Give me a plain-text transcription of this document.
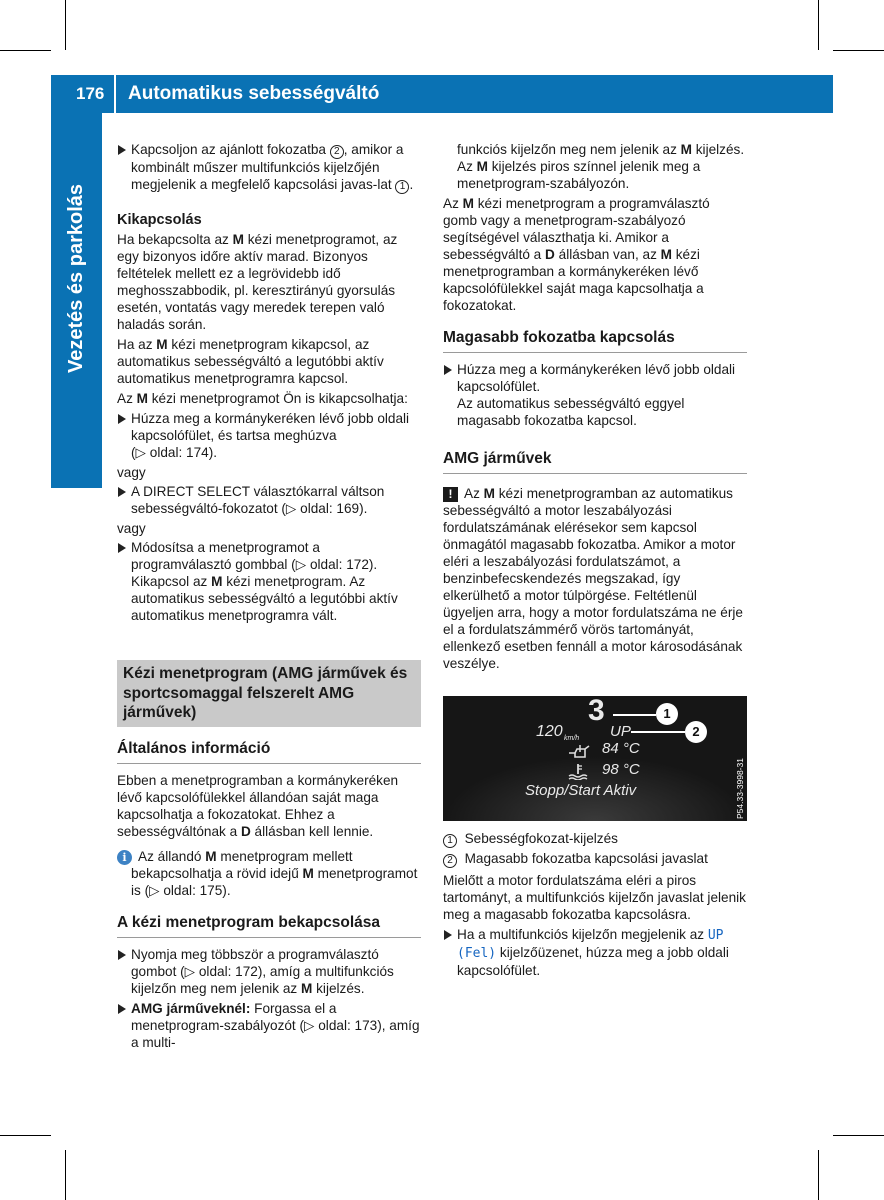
176 Automatikus sebességváltó
Vezetés és parkolás

Kapcsoljon az ajánlott fokozatba 2 , amikor a kombinált műszer multifunkciós kijelzőjén megjelenik a megfelelő kapcsolási javas-lat 1 .

Kikapcsolás

Ha bekapcsolta az M kézi menetprogramot, az egy bizonyos időre aktív marad. Bizonyos feltételek mellett ez a legrövidebb idő meghosszabbodik, pl. keresztirányú gyorsulás esetén, vontatás vagy meredek terepen való haladás során.

Ha az M kézi menetprogram kikapcsol, az automatikus sebességváltó a legutóbbi aktív automatikus menetprogramra kapcsol.

Az M kézi menetprogramot Ön is kikapcsolhatja:

Húzza meg a kormánykeréken lévő jobb oldali kapcsolófület, és tartsa meghúzva
(▷ oldal: 174).

vagy

A DIRECT SELECT választókarral váltson sebességváltó-fokozatot (▷ oldal: 169).

vagy

Módosítsa a menetprogramot a programválasztó gombbal (▷ oldal: 172).

Kikapcsol az M kézi menetprogram. Az automatikus sebességváltó a legutóbbi aktív automatikus menetprogramra vált.

Kézi menetprogram (AMG járművek és sportcsomaggal felszerelt AMG járművek)

Általános információ

Ebben a menetprogramban a kormánykeréken lévő kapcsolófülekkel állandóan saját maga kapcsolhatja a fokozatokat. Ehhez a sebességváltónak a D állásban kell lennie.

i Az állandó M menetprogram mellett bekapcsolhatja a rövid idejű M menetprogramot is (▷ oldal: 175).

A kézi menetprogram bekapcsolása

Nyomja meg többször a programválasztó gombot (▷ oldal: 172), amíg a multifunkciós kijelzőn meg nem jelenik az M kijelzés.

AMG járműveknél: Forgassa el a menetprogram-szabályozót (▷ oldal: 173), amíg a multi-

funkciós kijelzőn meg nem jelenik az M kijelzés.

Az M kijelzés piros színnel jelenik meg a menetprogram-szabályozón.

Az M kézi menetprogram a programválasztó gomb vagy a menetprogram-szabályozó segítségével választhatja ki. Amikor a sebességváltó a D állásban van, az M kézi menetprogramban a kormánykeréken lévő kapcsolófülekkel saját maga kapcsolhatja a fokozatokat.

Magasabb fokozatba kapcsolás

Húzza meg a kormánykeréken lévő jobb oldali kapcsolófület.

Az automatikus sebességváltó eggyel magasabb fokozatba kapcsol.

AMG járművek

! Az M kézi menetprogramban az automatikus sebességváltó a motor leszabályozási fordulatszámának elérésekor sem kapcsol önmagától magasabb fokozatba. Amikor a motor eléri a leszabályozási fordulatszámot, a benzinbefecskendezés megszakad, így elkerülhető a motor túlpörgése. Feltétlenül ügyeljen arra, hogy a motor fordulatszáma ne érje el a fordulatszámmérő vörös tartományát, ellenkező esetben fennáll a motor károsodásának veszélye.

120 km/h
3
UP
1
2
84 °C
98 °C
Stopp/Start Aktiv	P54.33-3998-31

1 Sebességfokozat-kijelzés

2 Magasabb fokozatba kapcsolási javaslat

Mielőtt a motor fordulatszáma eléri a piros tartományt, a multifunkciós kijelzőn javaslat jelenik meg a magasabb fokozatba kapcsolásra.

Ha a multifunkciós kijelzőn megjelenik az UP (Fel) kijelzőüzenet, húzza meg a jobb oldali kapcsolófület.
